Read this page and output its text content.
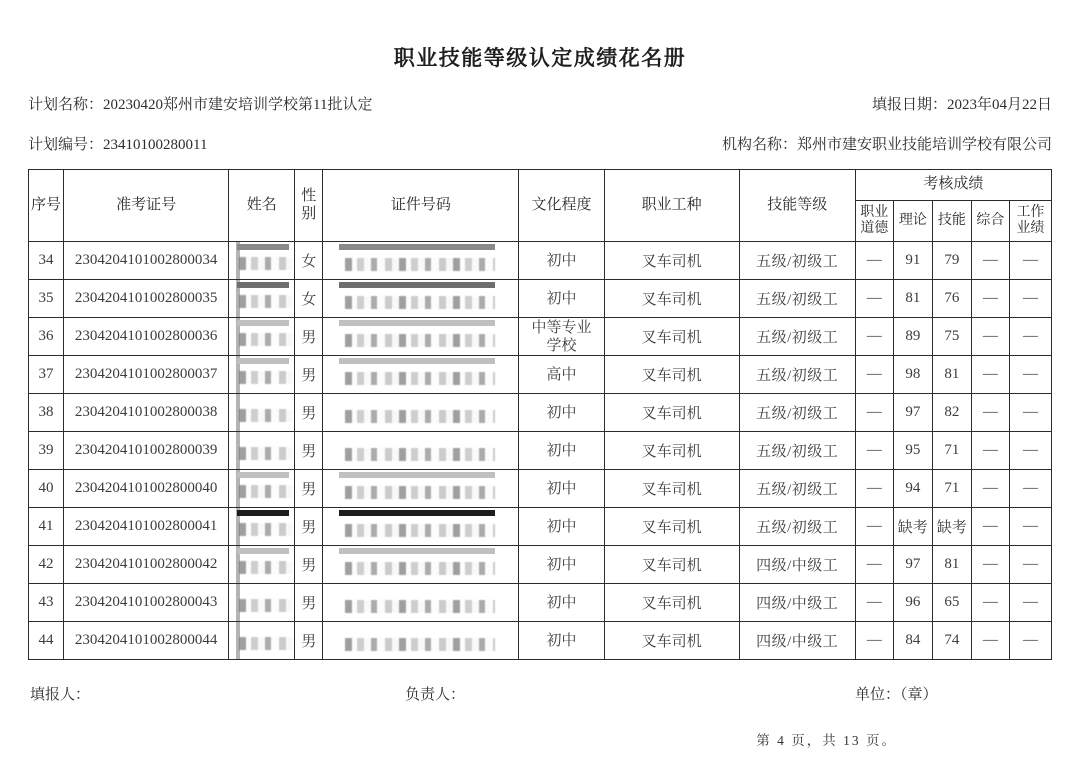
职业技能等级认定成绩花名册
计划名称：20230420郑州市建安培训学校第11批认定	填报日期：2023年04月22日
计划编号：23410100280011	机构名称：郑州市建安职业技能培训学校有限公司
序号	准考证号	姓名	性别	证件号码	文化程度	职业工种	技能等级	考核成绩				
								职业道德	理论	技能	综合	工作业绩
34	2304204101002800034		女		初中	叉车司机	五级/初级工	—	91	79	—	—
35	2304204101002800035		女		初中	叉车司机	五级/初级工	—	81	76	—	—
36	2304204101002800036		男		中等专业学校	叉车司机	五级/初级工	—	89	75	—	—
37	2304204101002800037		男		高中	叉车司机	五级/初级工	—	98	81	—	—
38	2304204101002800038		男		初中	叉车司机	五级/初级工	—	97	82	—	—
39	2304204101002800039		男		初中	叉车司机	五级/初级工	—	95	71	—	—
40	2304204101002800040		男		初中	叉车司机	五级/初级工	—	94	71	—	—
41	2304204101002800041		男		初中	叉车司机	五级/初级工	—	缺考	缺考	—	—
42	2304204101002800042		男		初中	叉车司机	四级/中级工	—	97	81	—	—
43	2304204101002800043		男		初中	叉车司机	四级/中级工	—	96	65	—	—
44	2304204101002800044		男		初中	叉车司机	四级/中级工	—	84	74	—	—
填报人：	负责人：	单位：（章）
第 4 页，共 13 页。
